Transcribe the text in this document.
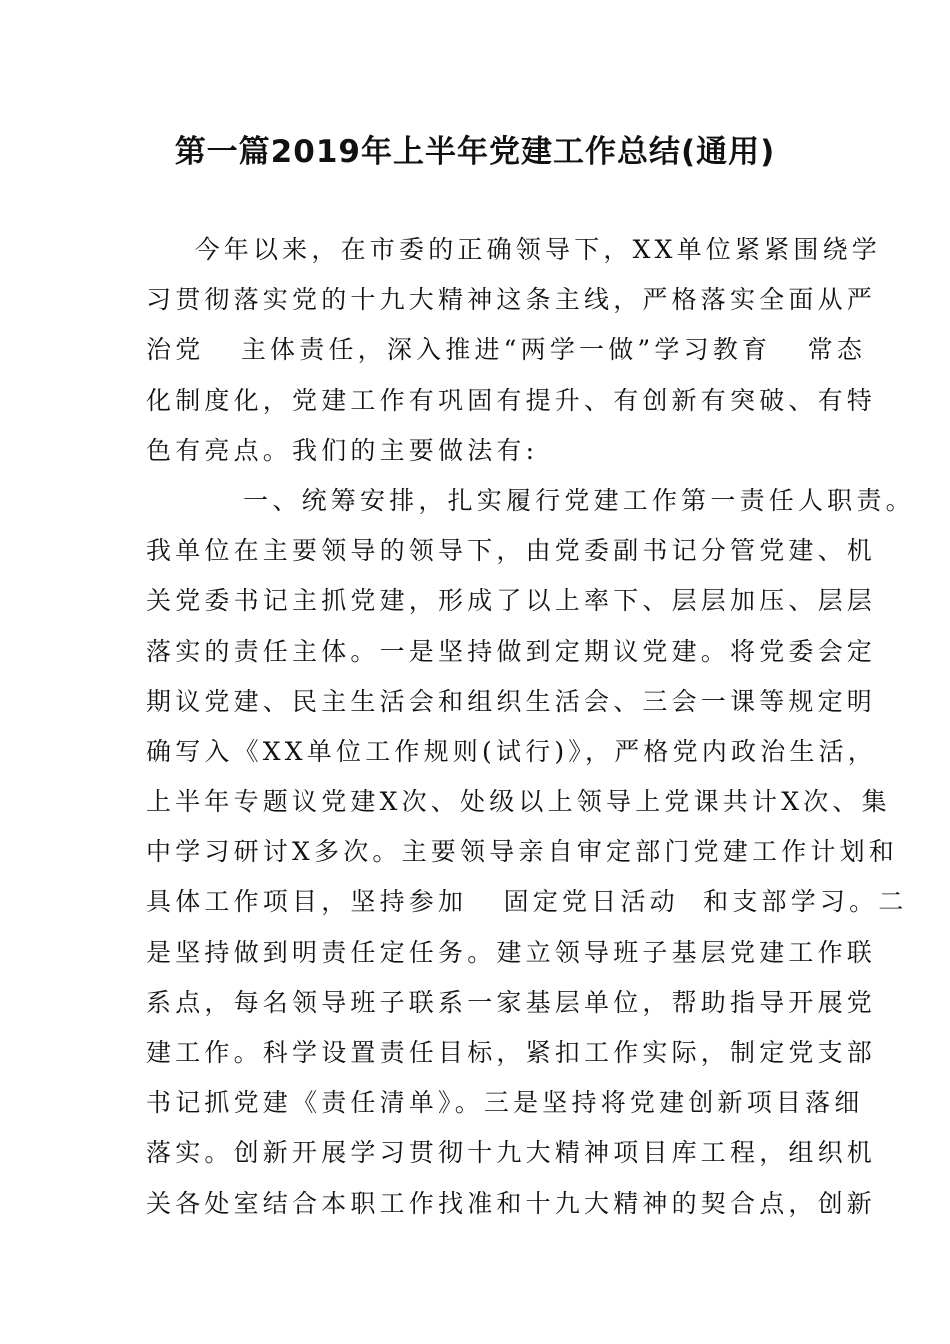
第一篇2019年上半年党建工作总结(通用)
今年以来，在市委的正确领导下，XX单位紧紧围绕学
习贯彻落实党的十九大精神这条主线，严格落实全面从严
治党   主体责任，深入推进“两学一做”学习教育   常态
化制度化，党建工作有巩固有提升、有创新有突破、有特
色有亮点。我们的主要做法有:
一、统筹安排，扎实履行党建工作第一责任人职责。
我单位在主要领导的领导下，由党委副书记分管党建、机
关党委书记主抓党建，形成了以上率下、层层加压、层层
落实的责任主体。一是坚持做到定期议党建。将党委会定
期议党建、民主生活会和组织生活会、三会一课等规定明
确写入《XX单位工作规则(试行)》，严格党内政治生活，
上半年专题议党建X次、处级以上领导上党课共计X次、集
中学习研讨X多次。主要领导亲自审定部门党建工作计划和
具体工作项目，坚持参加   固定党日活动  和支部学习。二
是坚持做到明责任定任务。建立领导班子基层党建工作联
系点，每名领导班子联系一家基层单位，帮助指导开展党
建工作。科学设置责任目标，紧扣工作实际，制定党支部
书记抓党建《责任清单》。三是坚持将党建创新项目落细
落实。创新开展学习贯彻十九大精神项目库工程，组织机
关各处室结合本职工作找准和十九大精神的契合点，创新
